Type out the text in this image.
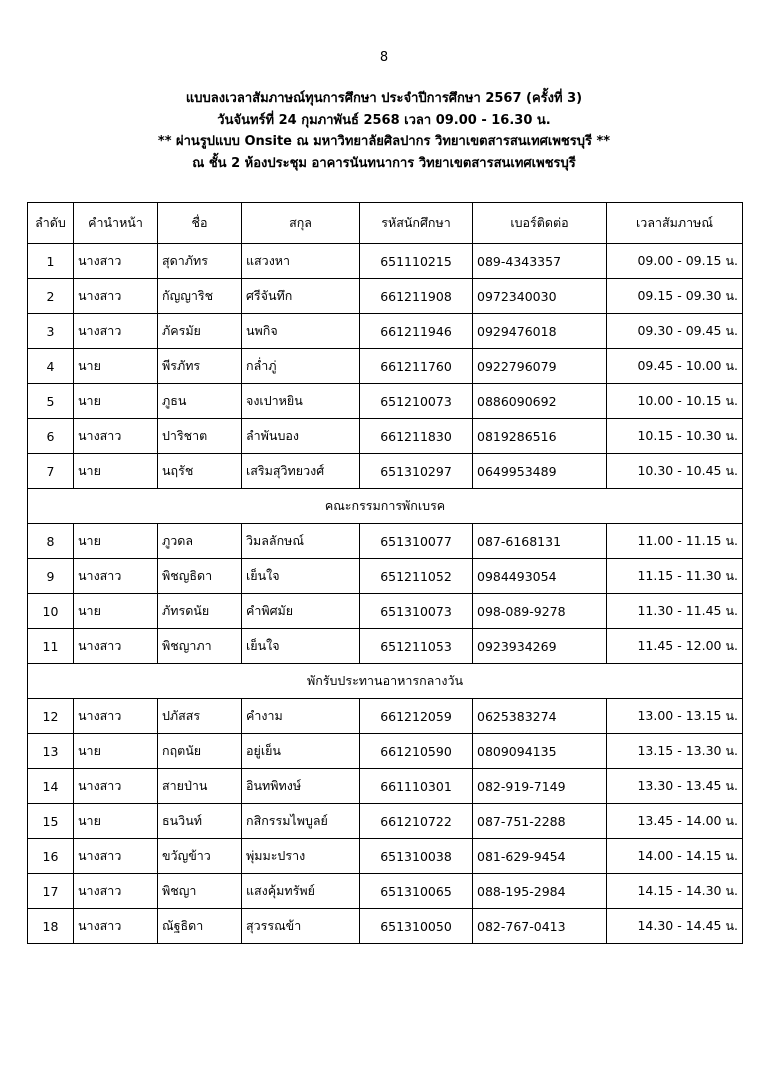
8
แบบลงเวลาสัมภาษณ์ทุนการศึกษา ประจำปีการศึกษา 2567 (ครั้งที่ 3)
วันจันทร์ที่ 24 กุมภาพันธ์ 2568 เวลา 09.00 - 16.30 น.
** ผ่านรูปแบบ Onsite ณ มหาวิทยาลัยศิลปากร วิทยาเขตสารสนเทศเพชรบุรี **
ณ ชั้น 2 ห้องประชุม อาคารนันทนาการ วิทยาเขตสารสนเทศเพชรบุรี
ลำดับ	คำนำหน้า	ชื่อ	สกุล	รหัสนักศึกษา	เบอร์ติดต่อ	เวลาสัมภาษณ์
1	นางสาว	สุดาภัทร	แสวงหา	651110215	089-4343357	09.00 - 09.15 น.
2	นางสาว	กัญญาริช	ศรีจันทึก	661211908	0972340030	09.15 - 09.30 น.
3	นางสาว	ภัครมัย	นพกิจ	661211946	0929476018	09.30 - 09.45 น.
4	นาย	พีรภัทร	กล่ำภู่	661211760	0922796079	09.45 - 10.00 น.
5	นาย	ภูธน	จงเปาหยิน	651210073	0886090692	10.00 - 10.15 น.
6	นางสาว	ปาริชาต	ลำพันบอง	661211830	0819286516	10.15 - 10.30 น.
7	นาย	นฤรัช	เสริมสุวิทยวงศ์	651310297	0649953489	10.30 - 10.45 น.
คณะกรรมการพักเบรค						
8	นาย	ภูวดล	วิมลลักษณ์	651310077	087-6168131	11.00 - 11.15 น.
9	นางสาว	พิชญธิดา	เย็นใจ	651211052	0984493054	11.15 - 11.30 น.
10	นาย	ภัทรดนัย	คำพิศมัย	651310073	098-089-9278	11.30 - 11.45 น.
11	นางสาว	พิชญาภา	เย็นใจ	651211053	0923934269	11.45 - 12.00 น.
พักรับประทานอาหารกลางวัน						
12	นางสาว	ปภัสสร	คำงาม	661212059	0625383274	13.00 - 13.15 น.
13	นาย	กฤตนัย	อยู่เย็น	661210590	0809094135	13.15 - 13.30 น.
14	นางสาว	สายป่าน	อินทพิทงษ์	661110301	082-919-7149	13.30 - 13.45 น.
15	นาย	ธนวินท์	กสิกรรมไพบูลย์	661210722	087-751-2288	13.45 - 14.00 น.
16	นางสาว	ขวัญข้าว	พุ่มมะปราง	651310038	081-629-9454	14.00 - 14.15 น.
17	นางสาว	พิชญา	แสงคุ้มทรัพย์	651310065	088-195-2984	14.15 - 14.30 น.
18	นางสาว	ณัฐธิดา	สุวรรณข้า	651310050	082-767-0413	14.30 - 14.45 น.
